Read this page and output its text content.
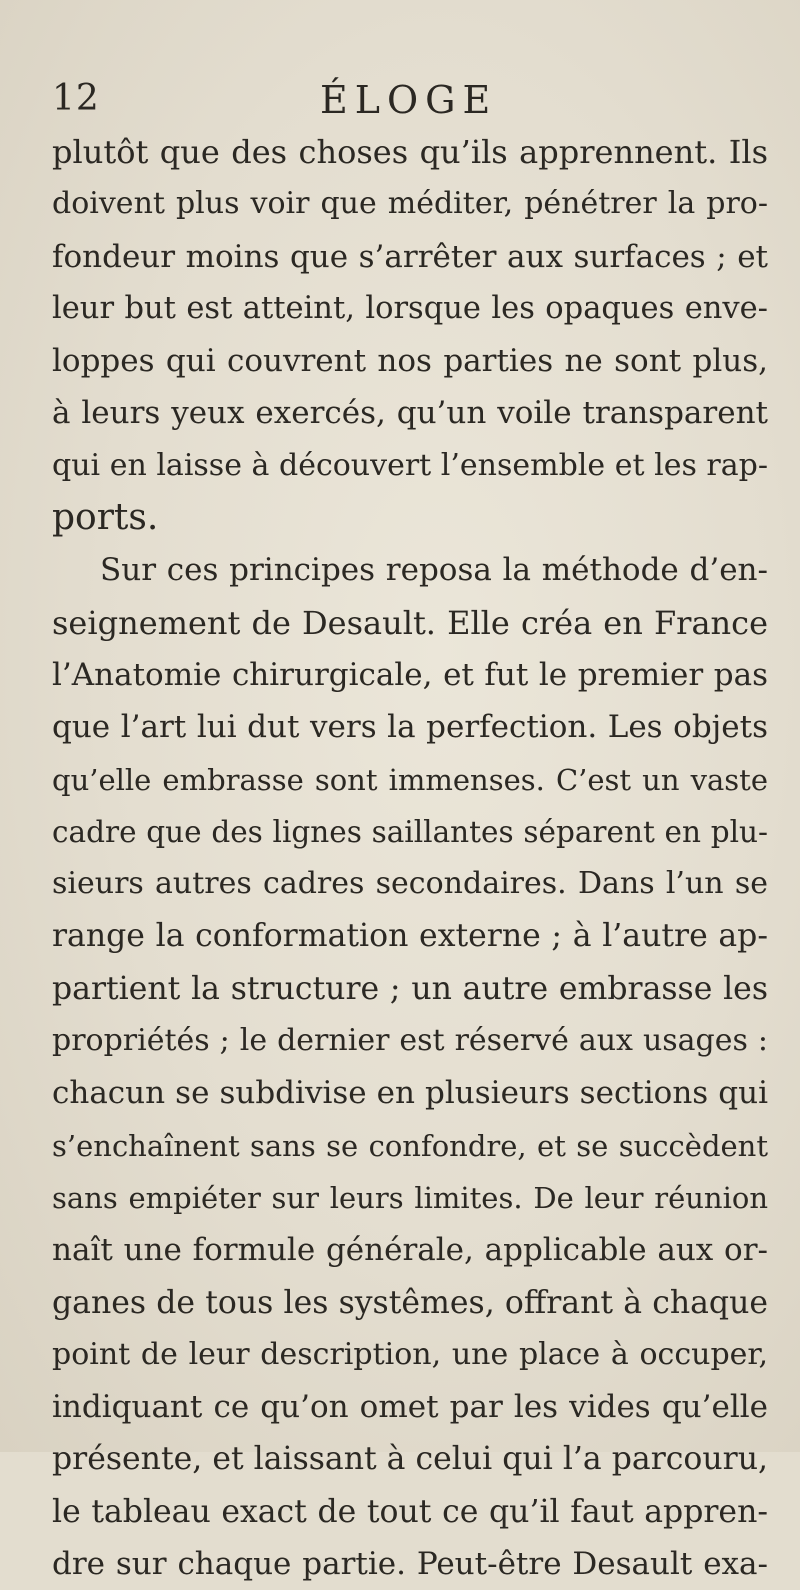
12	ÉLOGE
plutôt que des choses qu’ils apprennent. Ils
doivent plus voir que méditer, pénétrer la pro-
fondeur moins que s’arrêter aux surfaces ; et
leur but est atteint, lorsque les opaques enve-
loppes qui couvrent nos parties ne sont plus,
à leurs yeux exercés, qu’un voile transparent
qui en laisse à découvert l’ensemble et les rap-
ports.
Sur ces principes reposa la méthode d’en-
seignement de Desault. Elle créa en France
l’Anatomie chirurgicale, et fut le premier pas
que l’art lui dut vers la perfection. Les objets
qu’elle embrasse sont immenses. C’est un vaste
cadre que des lignes saillantes séparent en plu-
sieurs autres cadres secondaires. Dans l’un se
range la conformation externe ; à l’autre ap-
partient la structure ; un autre embrasse les
propriétés ; le dernier est réservé aux usages :
chacun se subdivise en plusieurs sections qui
s’enchaînent sans se confondre, et se succèdent
sans empiéter sur leurs limites. De leur réunion
naît une formule générale, applicable aux or-
ganes de tous les systêmes, offrant à chaque
point de leur description, une place à occuper,
indiquant ce qu’on omet par les vides qu’elle
présente, et laissant à celui qui l’a parcouru,
le tableau exact de tout ce qu’il faut appren-
dre sur chaque partie. Peut-être Desault exa-
